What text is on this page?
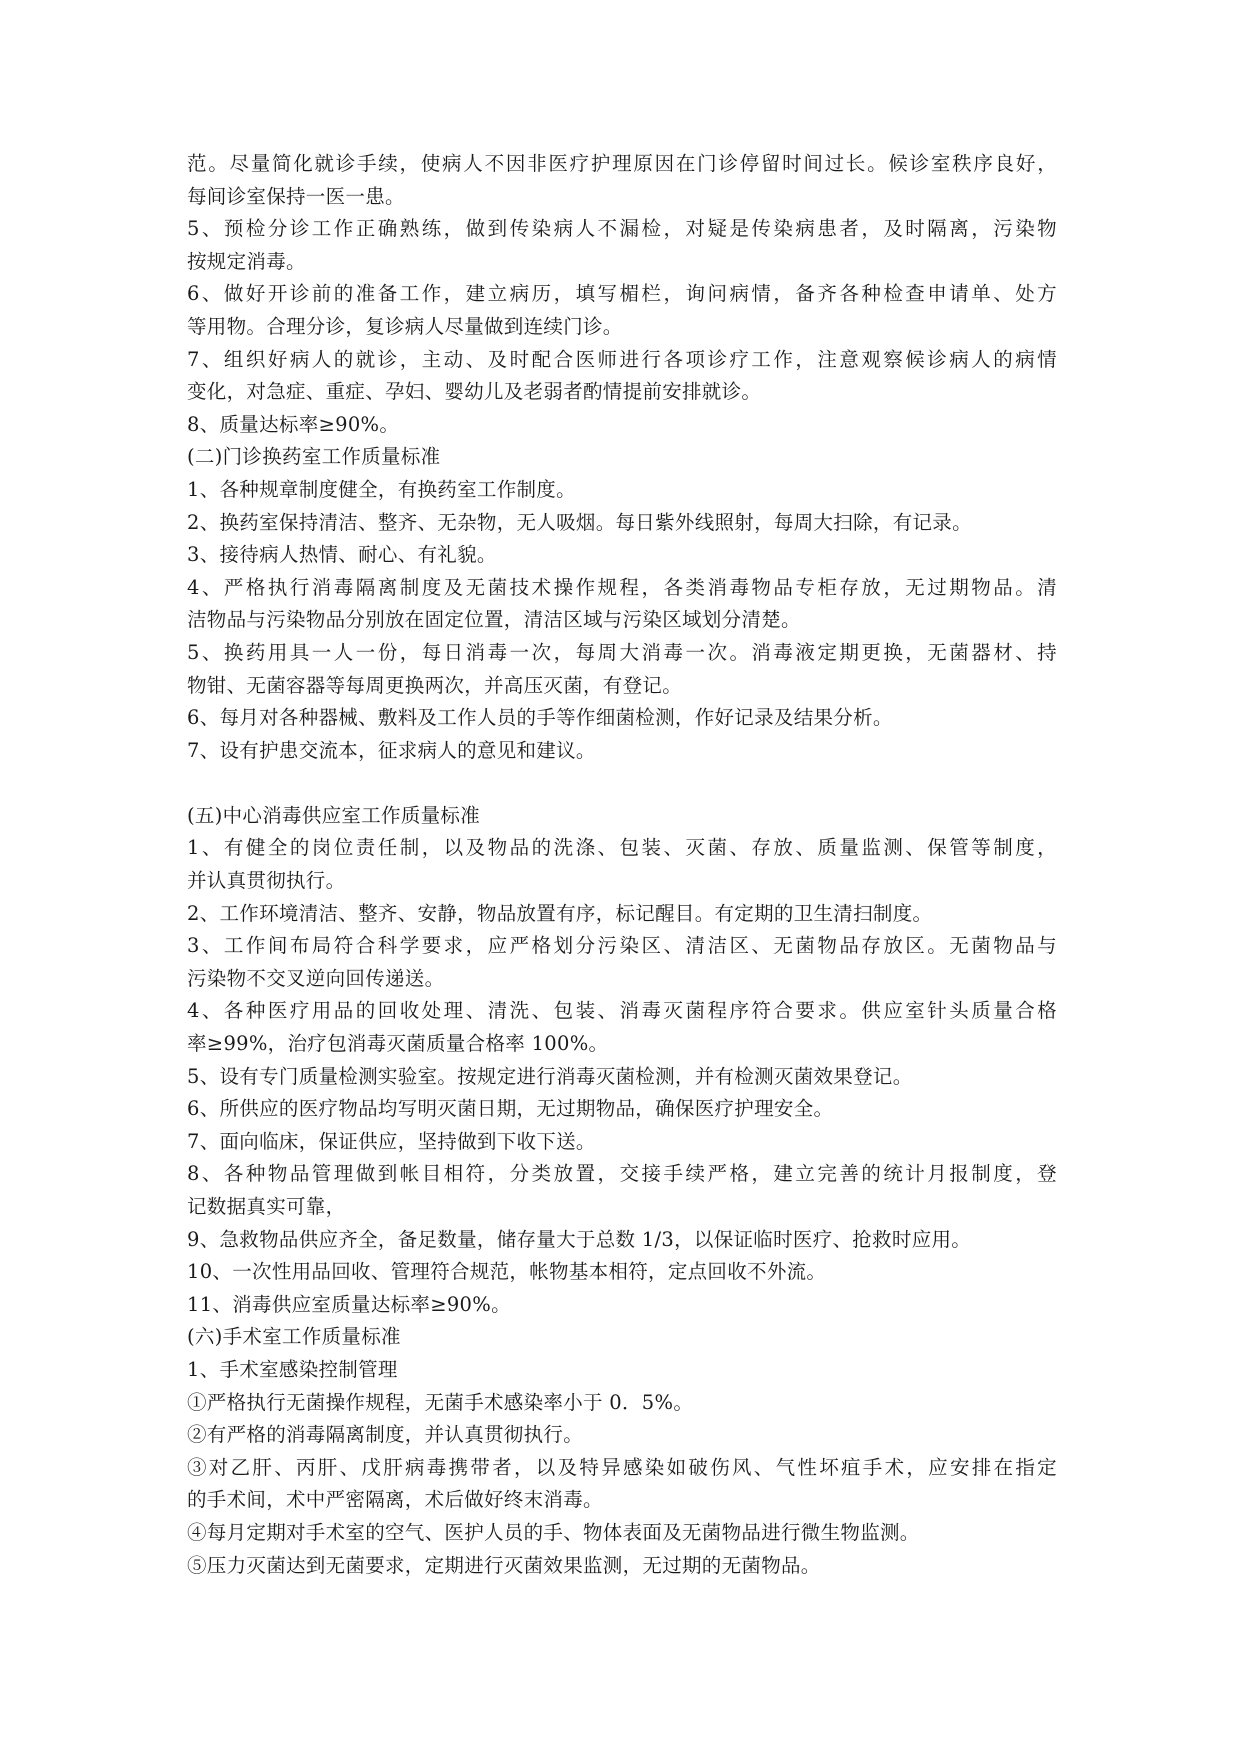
范。尽量简化就诊手续，使病人不因非医疗护理原因在门诊停留时间过长。候诊室秩序良好，
每间诊室保持一医一患。
5、预检分诊工作正确熟练，做到传染病人不漏检，对疑是传染病患者，及时隔离，污染物
按规定消毒。
6、做好开诊前的准备工作，建立病历，填写楣栏，询问病情，备齐各种检查申请单、处方
等用物。合理分诊，复诊病人尽量做到连续门诊。
7、组织好病人的就诊，主动、及时配合医师进行各项诊疗工作，注意观察候诊病人的病情
变化，对急症、重症、孕妇、婴幼儿及老弱者酌情提前安排就诊。
8、质量达标率≥90%。
(二)门诊换药室工作质量标准
1、各种规章制度健全，有换药室工作制度。
2、换药室保持清洁、整齐、无杂物，无人吸烟。每日紫外线照射，每周大扫除，有记录。
3、接待病人热情、耐心、有礼貌。
4、严格执行消毒隔离制度及无菌技术操作规程，各类消毒物品专柜存放，无过期物品。清
洁物品与污染物品分别放在固定位置，清洁区域与污染区域划分清楚。
5、换药用具一人一份，每日消毒一次，每周大消毒一次。消毒液定期更换，无菌器材、持
物钳、无菌容器等每周更换两次，并高压灭菌，有登记。
6、每月对各种器械、敷料及工作人员的手等作细菌检测，作好记录及结果分析。
7、设有护患交流本，征求病人的意见和建议。
(五)中心消毒供应室工作质量标准
1、有健全的岗位责任制，以及物品的洗涤、包装、灭菌、存放、质量监测、保管等制度，
并认真贯彻执行。
2、工作环境清洁、整齐、安静，物品放置有序，标记醒目。有定期的卫生清扫制度。
3、工作间布局符合科学要求，应严格划分污染区、清洁区、无菌物品存放区。无菌物品与
污染物不交叉逆向回传递送。
4、各种医疗用品的回收处理、清洗、包装、消毒灭菌程序符合要求。供应室针头质量合格
率≥99%，治疗包消毒灭菌质量合格率 100%。
5、设有专门质量检测实验室。按规定进行消毒灭菌检测，并有检测灭菌效果登记。
6、所供应的医疗物品均写明灭菌日期，无过期物品，确保医疗护理安全。
7、面向临床，保证供应，坚持做到下收下送。
8、各种物品管理做到帐目相符，分类放置，交接手续严格，建立完善的统计月报制度，登
记数据真实可靠，
9、急救物品供应齐全，备足数量，储存量大于总数 1/3，以保证临时医疗、抢救时应用。
10、一次性用品回收、管理符合规范，帐物基本相符，定点回收不外流。
11、消毒供应室质量达标率≥90%。
(六)手术室工作质量标准
1、手术室感染控制管理
①严格执行无菌操作规程，无菌手术感染率小于 0．5%。
②有严格的消毒隔离制度，并认真贯彻执行。
③对乙肝、丙肝、戊肝病毒携带者，以及特异感染如破伤风、气性坏疽手术，应安排在指定
的手术间，术中严密隔离，术后做好终末消毒。
④每月定期对手术室的空气、医护人员的手、物体表面及无菌物品进行微生物监测。
⑤压力灭菌达到无菌要求，定期进行灭菌效果监测，无过期的无菌物品。
